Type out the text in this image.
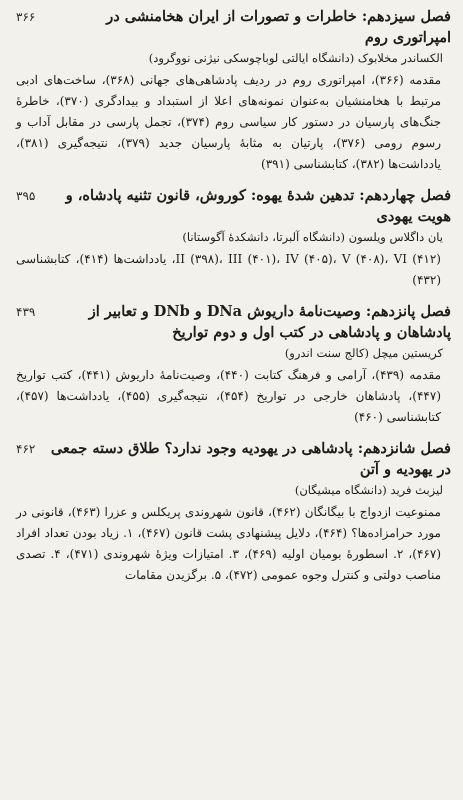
فصل سیزدهم: خاطرات و تصورات از ایران هخامنشی در امپراتوری روم

۳۶۶

الکساندر مخلابوک (دانشگاه ایالتی لوباچوسکی نیژنی نووگرود)

مقدمه (۳۶۶)، امپراتوری روم در ردیف پادشاهی‌های جهانی (۳۶۸)، ساخت‌های ادبی مرتبط با هخامنشیان به‌عنوان نمونه‌های اعلا از استبداد و بیدادگری (۳۷۰)، خاطرهٔ جنگ‌های پارسیان در دستور کار سیاسی روم (۳۷۴)، تجمل پارسی در مقابل آداب و رسوم رومی (۳۷۶)، پارتیان به مثابهٔ پارسیان جدید (۳۷۹)، نتیجه‌گیری (۳۸۱)، یادداشت‌ها (۳۸۲)، کتابشناسی (۳۹۱)

فصل چهاردهم: تدهین شدهٔ یهوه: کوروش، قانون تثنیه پادشاه، و هویت یهودی

۳۹۵

یان داگلاس ویلسون (دانشگاه آلبرتا، دانشکدهٔ آگوستانا)

II (۳۹۸)، III (۴۰۱)، IV (۴۰۵)، V (۴۰۸)، VI (۴۱۲)، یادداشت‌ها (۴۱۴)، کتابشناسی (۴۳۲)

فصل پانزدهم: وصیت‌نامهٔ داریوش DNa و DNb و تعابیر از پادشاهان و پادشاهی در کتب اول و دوم تواریخ

۴۳۹

کریستین میچل (کالج سنت اندرو)

مقدمه (۴۳۹)، آرامی و فرهنگ کتابت (۴۴۰)، وصیت‌نامهٔ داریوش (۴۴۱)، کتب تواریخ (۴۴۷)، پادشاهان خارجی در تواریخ (۴۵۴)، نتیجه‌گیری (۴۵۵)، یادداشت‌ها (۴۵۷)، کتابشناسی (۴۶۰)

فصل شانزدهم: پادشاهی در یهودیه وجود ندارد؟ طلاق دسته جمعی در یهودیه و آتن

۴۶۲

لیزبث فرید (دانشگاه میشیگان)

ممنوعیت ازدواج با بیگانگان (۴۶۲)، قانون شهروندی پریکلس و عزرا (۴۶۳)، قانونی در مورد حرامزاده‌ها؟ (۴۶۴)، دلایل پیشنهادی پشت قانون (۴۶۷)، ۱. زیاد بودن تعداد افراد (۴۶۷)، ۲. اسطورهٔ بومیان اولیه (۴۶۹)، ۳. امتیازات ویژهٔ شهروندی (۴۷۱)، ۴. تصدی مناصب دولتی و کنترل وجوه عمومی (۴۷۲)، ۵. برگزیدن مقامات
